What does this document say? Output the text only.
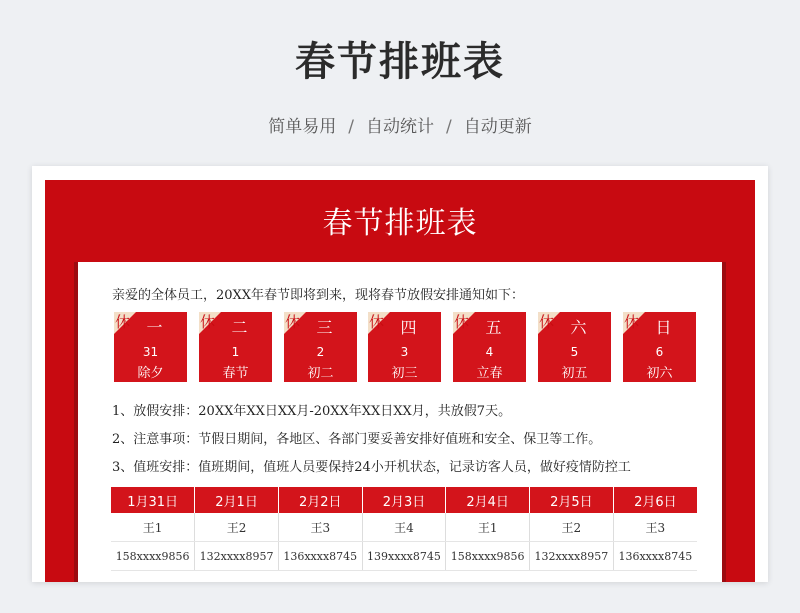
春节排班表
简单易用 / 自动统计 / 自动更新
春节排班表
亲爱的全体员工，20XX年春节即将到来，现将春节放假安排通知如下：
休	一
31
除夕
休	二
1
春节
休	三
2
初二
休	四
3
初三
休	五
4
立春
休	六
5
初五
休	日
6
初六
1、放假安排：20XX年XX日XX月-20XX年XX日XX月，共放假7天。
2、注意事项：节假日期间，各地区、各部门要妥善安排好值班和安全、保卫等工作。
3、值班安排：值班期间，值班人员要保持24小开机状态，记录访客人员，做好疫情防控工
1月31日	2月1日	2月2日	2月3日	2月4日	2月5日	2月6日
王1	王2	王3	王4	王1	王2	王3
158xxxx9856	132xxxx8957	136xxxx8745	139xxxx8745	158xxxx9856	132xxxx8957	136xxxx8745
